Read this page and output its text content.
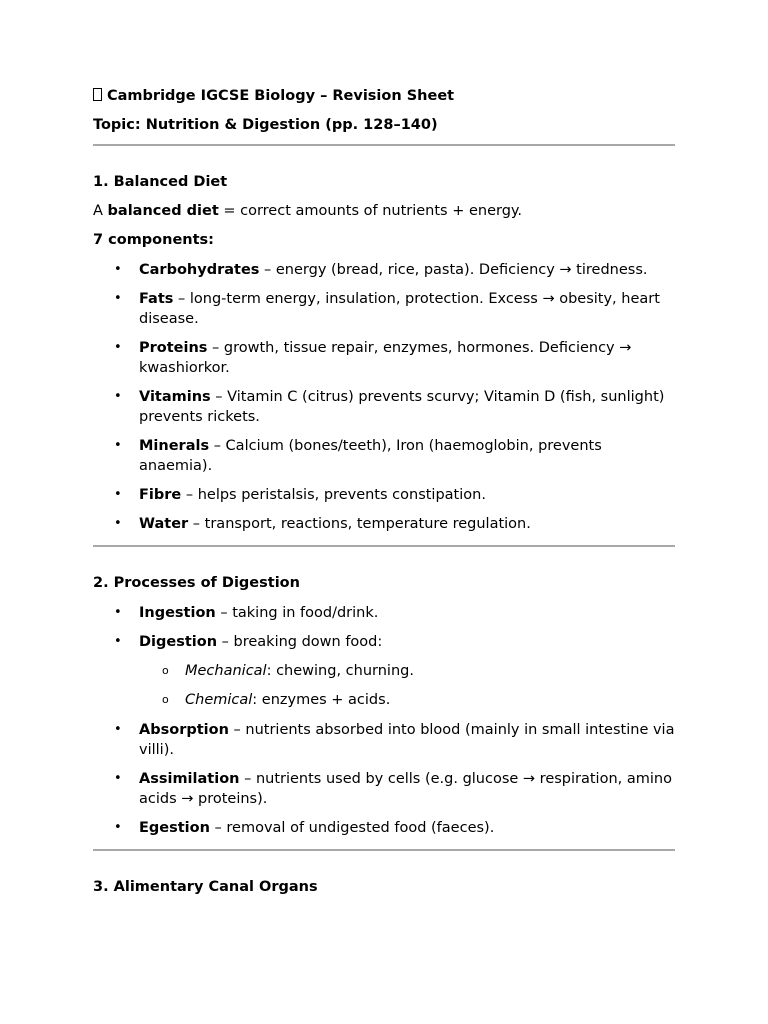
Cambridge IGCSE Biology – Revision Sheet
Topic: Nutrition & Digestion (pp. 128–140)
1. Balanced Diet
A balanced diet = correct amounts of nutrients + energy.
7 components:
• Carbohydrates – energy (bread, rice, pasta). Deficiency → tiredness.
• Fats – long-term energy, insulation, protection. Excess → obesity, heart disease.
• Proteins – growth, tissue repair, enzymes, hormones. Deficiency → kwashiorkor.
• Vitamins – Vitamin C (citrus) prevents scurvy; Vitamin D (fish, sunlight) prevents rickets.
• Minerals – Calcium (bones/teeth), Iron (haemoglobin, prevents anaemia).
• Fibre – helps peristalsis, prevents constipation.
• Water – transport, reactions, temperature regulation.
2. Processes of Digestion
• Ingestion – taking in food/drink.
• Digestion – breaking down food:
o Mechanical: chewing, churning.
o Chemical: enzymes + acids.
• Absorption – nutrients absorbed into blood (mainly in small intestine via villi).
• Assimilation – nutrients used by cells (e.g. glucose → respiration, amino acids → proteins).
• Egestion – removal of undigested food (faeces).
3. Alimentary Canal Organs
